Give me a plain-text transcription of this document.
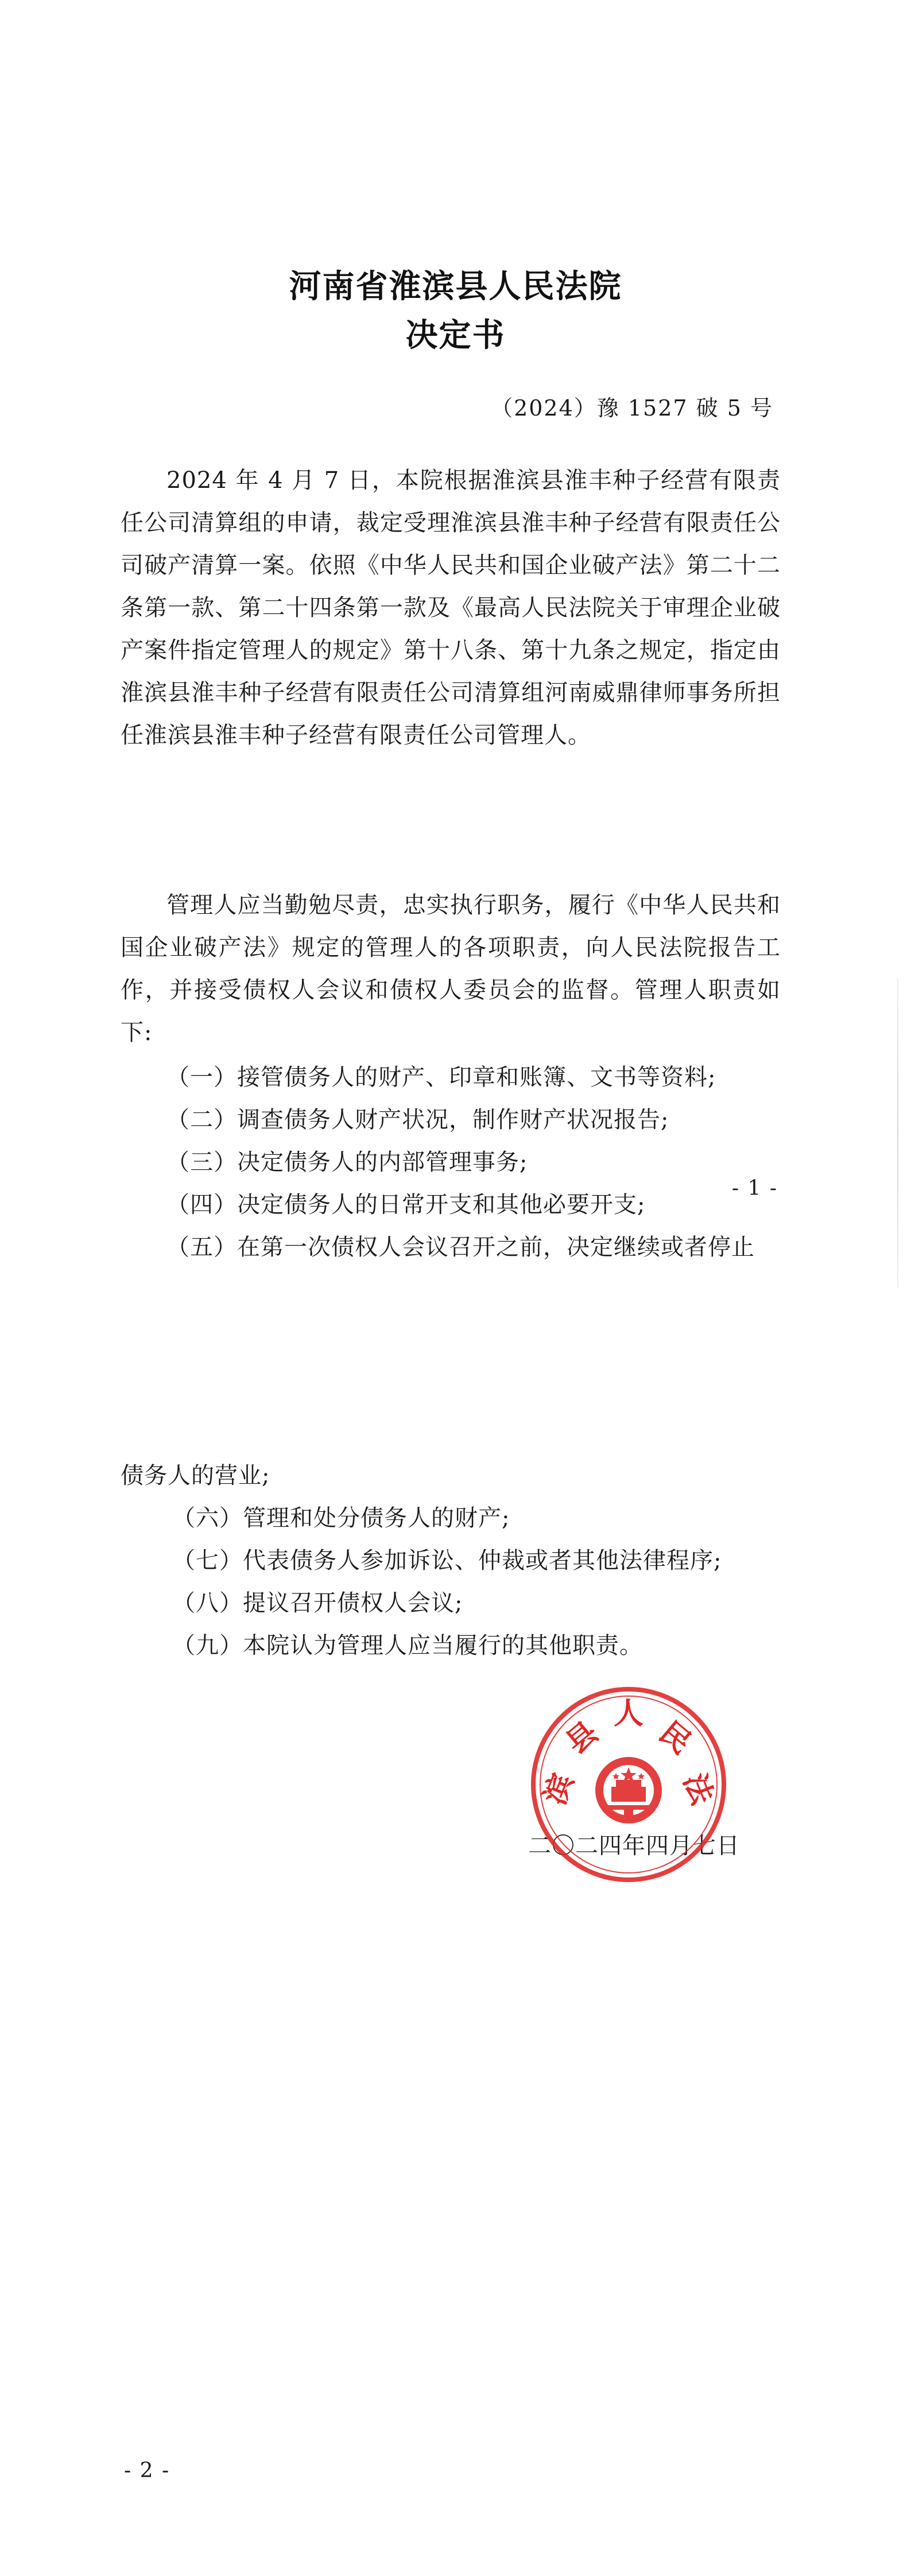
河南省淮滨县人民法院
决定书
（2024）豫 1527 破 5 号
2024 年 4 月 7 日，本院根据淮滨县淮丰种子经营有限责任公司清算组的申请，裁定受理淮滨县淮丰种子经营有限责任公司破产清算一案。依照《中华人民共和国企业破产法》第二十二条第一款、第二十四条第一款及《最高人民法院关于审理企业破产案件指定管理人的规定》第十八条、第十九条之规定，指定由淮滨县淮丰种子经营有限责任公司清算组河南威鼎律师事务所担任淮滨县淮丰种子经营有限责任公司管理人。
管理人应当勤勉尽责，忠实执行职务，履行《中华人民共和国企业破产法》规定的管理人的各项职责，向人民法院报告工作，并接受债权人会议和债权人委员会的监督。管理人职责如下:
（一）接管债务人的财产、印章和账簿、文书等资料;
（二）调查债务人财产状况，制作财产状况报告;
（三）决定债务人的内部管理事务;
（四）决定债务人的日常开支和其他必要开支;
（五）在第一次债权人会议召开之前，决定继续或者停止
债务人的营业;
（六）管理和处分债务人的财产;
（七）代表债务人参加诉讼、仲裁或者其他法律程序;
（八）提议召开债权人会议;
（九）本院认为管理人应当履行的其他职责。
二〇二四年四月七日
滨
县
人
民
法
- 2 -
- 1 -
